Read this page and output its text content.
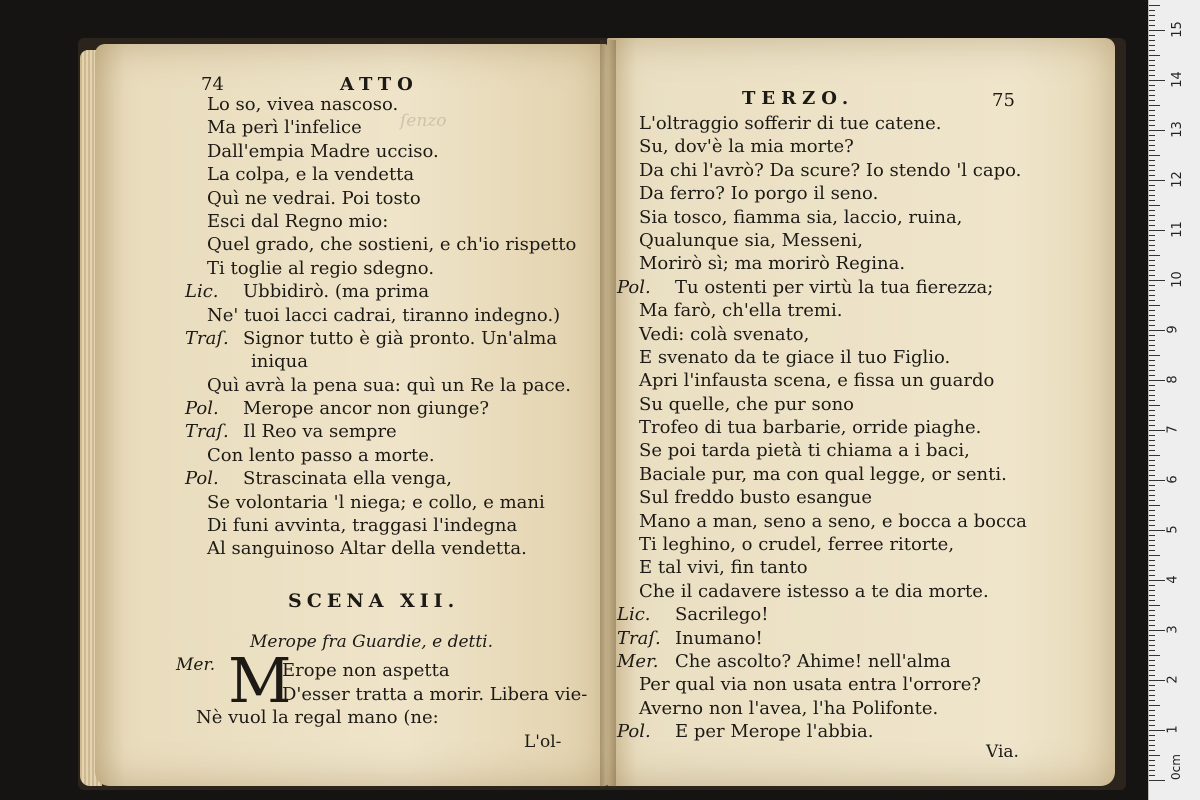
ſenzo
74	ATTO
Lo so, vivea nascoso.
Ma perì l'infelice
Dall'empia Madre ucciso.
La colpa, e la vendetta
Quì ne vedrai. Poi tosto
Esci dal Regno mio:
Quel grado, che sostieni, e ch'io rispetto
Ti toglie al regio sdegno.
Lic. Ubbidirò. (ma prima
Ne' tuoi lacci cadrai, tiranno indegno.)
Traſ. Signor tutto è già pronto. Un'alma
iniqua
Quì avrà la pena sua: quì un Re la pace.
Pol. Merope ancor non giunge?
Traſ. Il Reo va sempre
Con lento passo a morte.
Pol. Strascinata ella venga,
Se volontaria 'l niega; e collo, e mani
Di funi avvinta, traggasi l'indegna
Al sanguinoso Altar della vendetta.
SCENA XII.
Merope fra Guardie, e detti.
Mer. M
Erope non aspetta
D'esser tratta a morir. Libera vie-
Nè vuol la regal mano (ne:
L'ol-
TERZO.	75
L'oltraggio sofferir di tue catene.
Su, dov'è la mia morte?
Da chi l'avrò? Da scure? Io stendo 'l capo.
Da ferro? Io porgo il seno.
Sia tosco, fiamma sia, laccio, ruina,
Qualunque sia, Messeni,
Morirò sì; ma morirò Regina.
Pol. Tu ostenti per virtù la tua fierezza;
Ma farò, ch'ella tremi.
Vedi: colà svenato,
E svenato da te giace il tuo Figlio.
Apri l'infausta scena, e fissa un guardo
Su quelle, che pur sono
Trofeo di tua barbarie, orride piaghe.
Se poi tarda pietà ti chiama a i baci,
Baciale pur, ma con qual legge, or senti.
Sul freddo busto esangue
Mano a man, seno a seno, e bocca a bocca
Ti leghino, o crudel, ferree ritorte,
E tal vivi, fin tanto
Che il cadavere istesso a te dia morte.
Lic. Sacrilego!
Traſ. Inumano!
Mer. Che ascolto? Ahime! nell'alma
Per qual via non usata entra l'orrore?
Averno non l'avea, l'ha Polifonte.
Pol. E per Merope l'abbia.
Via.
0cm
1
2
3
4
5
6
7
8
9
10
11
12
13
14
15
